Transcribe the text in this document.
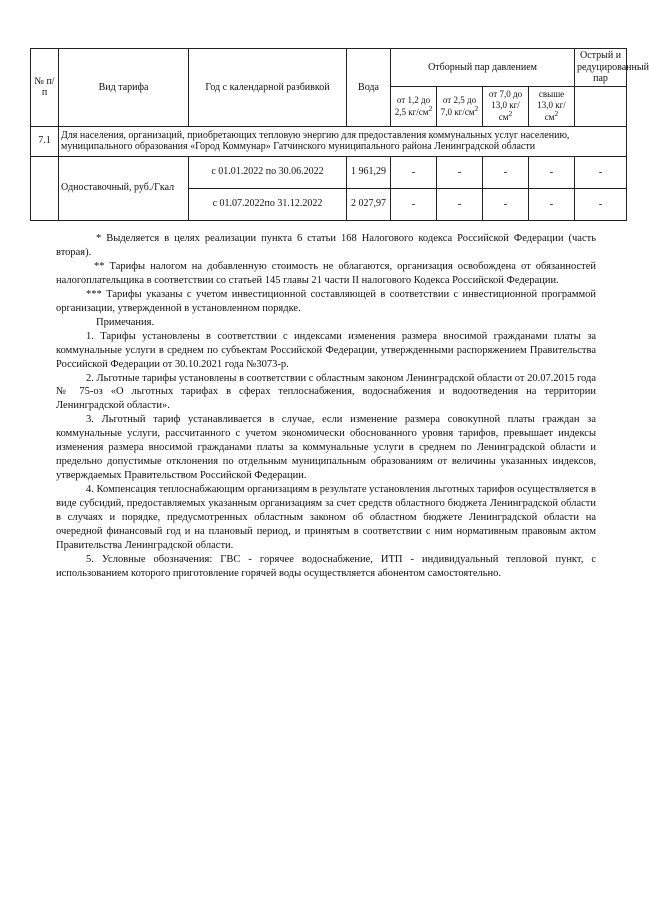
№ п/п	Вид тарифа	Год с календарной разбивкой	Вода	Отборный пар давлением				Острый и редуцированный пар
				от 1,2 до 2,5 $кг/см^2$	от 2,5 до 7,0 $кг/см^2$	от 7,0 до 13,0 $кг/см^2$	свыше 13,0 $кг/см^2$	
7.1	Для населения, организаций, приобретающих тепловую энергию для предоставления коммунальных услуг населению, муниципального образования «Город Коммунар» Гатчинского муниципального района Ленинградской области							
	Одноставочный, руб./Гкал	с 01.01.2022 по 30.06.2022	1 961,29	-	-	-	-	-
		с 01.07.2022по 31.12.2022	2 027,97	-	-	-	-	-

* Выделяется в целях реализации пункта 6 статьи 168 Налогового кодекса Российской Федерации (часть вторая).

** Тарифы налогом на добавленную стоимость не облагаются, организация освобождена от обязанностей налогоплательщика в соответствии со статьей 145 главы 21 части II налогового Кодекса Российской Федерации.

*** Тарифы указаны с учетом инвестиционной составляющей в соответствии с инвестиционной программой организации, утвержденной в установленном порядке.

Примечания.

1. Тарифы установлены в соответствии с индексами изменения размера вносимой гражданами платы за коммунальные услуги в среднем по субъектам Российской Федерации, утвержденными распоряжением Правительства Российской Федерации от 30.10.2021 года №3073-р.

2. Льготные тарифы установлены в соответствии с областным законом Ленинградской области от 20.07.2015 года № 75-оз «О льготных тарифах в сферах теплоснабжения, водоснабжения и водоотведения на территории Ленинградской области».

3. Льготный тариф устанавливается в случае, если изменение размера совокупной платы граждан за коммунальные услуги, рассчитанного с учетом экономически обоснованного уровня тарифов, превышает индексы изменения размера вносимой гражданами платы за коммунальные услуги в среднем по Ленинградской области и предельно допустимые отклонения по отдельным муниципальным образованиям от величины указанных индексов, утверждаемых Правительством Российской Федерации.

4. Компенсация теплоснабжающим организациям в результате установления льготных тарифов осуществляется в виде субсидий, предоставляемых указанным организациям за счет средств областного бюджета Ленинградской области в случаях и порядке, предусмотренных областным законом об областном бюджете Ленинградской области на очередной финансовый год и на плановый период, и принятым в соответствии с ним нормативным правовым актом Правительства Ленинградской области.

5. Условные обозначения: ГВС - горячее водоснабжение, ИТП - индивидуальный тепловой пункт, с использованием которого приготовление горячей воды осуществляется абонентом самостоятельно.
